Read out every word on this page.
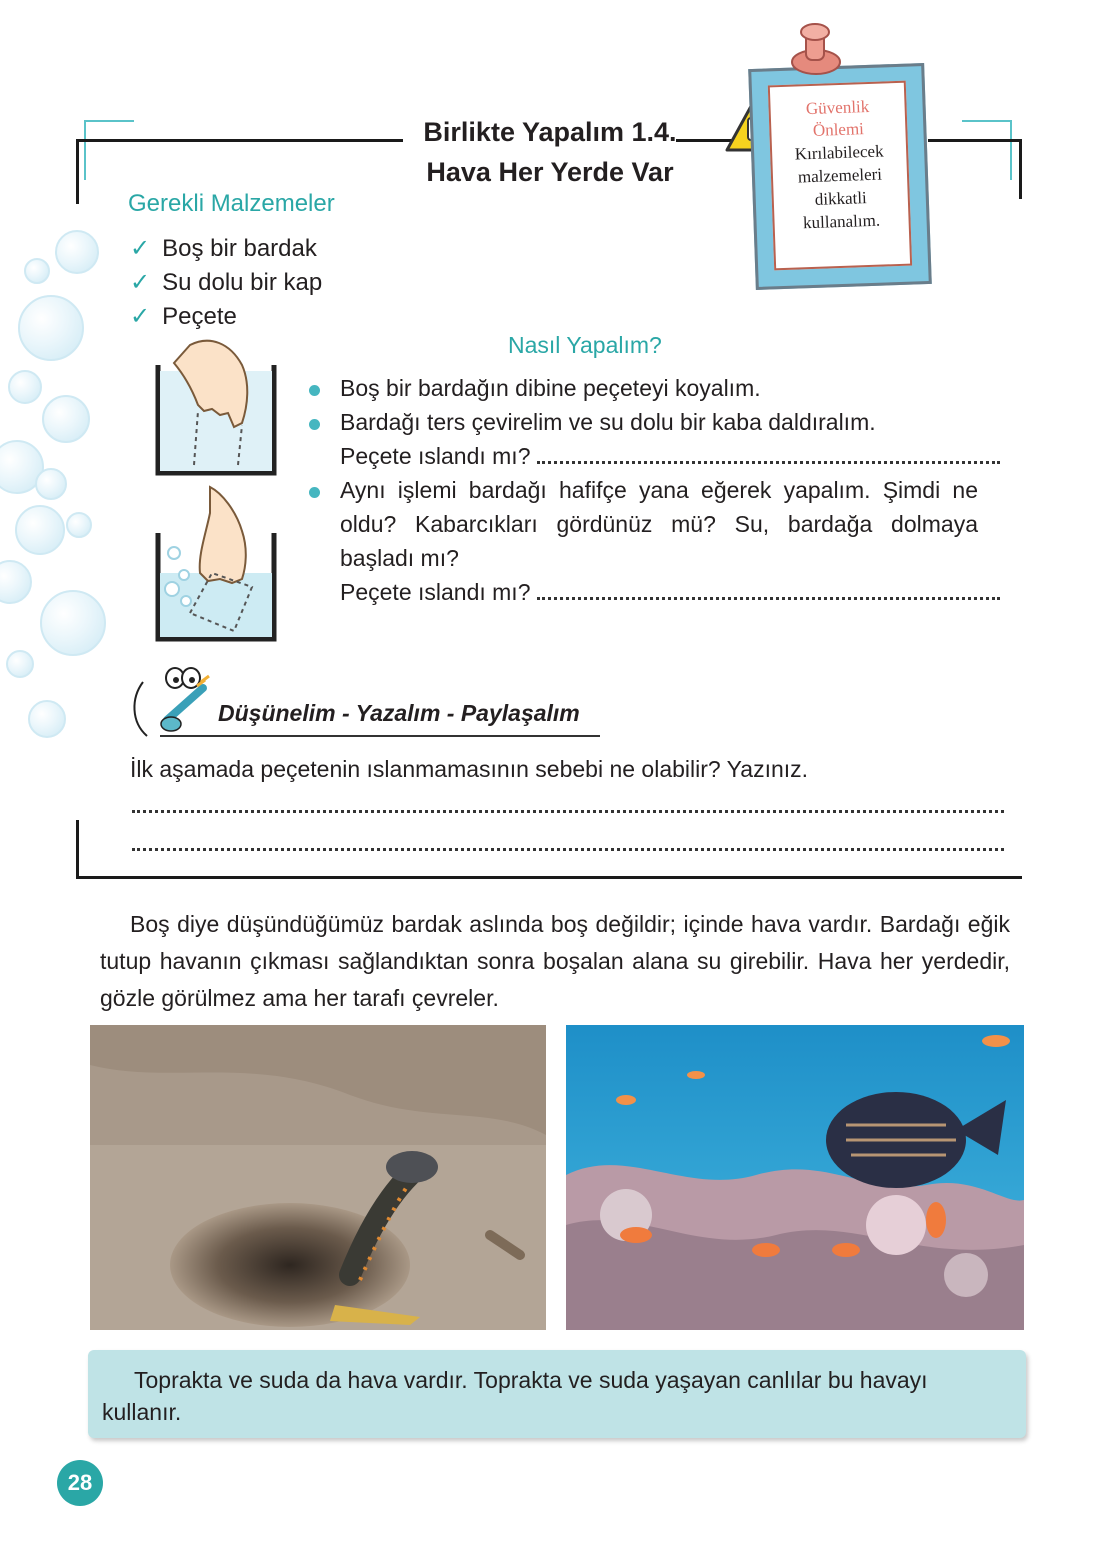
Birlikte Yapalım 1.4.
Hava Her Yerde Var
Güvenlik
Önlemi
Kırılabilecek
malzemeleri
dikkatli
kullanalım.
Gerekli Malzemeler
✓ Boş bir bardak
✓ Su dolu bir kap
✓ Peçete
Nasıl Yapalım?
Boş bir bardağın dibine peçeteyi koyalım.
Bardağı ters çevirelim ve su dolu bir kaba daldıralım.
Peçete ıslandı mı?
Aynı işlemi bardağı hafifçe yana eğerek yapalım. Şimdi ne oldu? Kabarcıkları gördünüz mü? Su, bardağa dolmaya başladı mı?
Peçete ıslandı mı?
Düşünelim - Yazalım - Paylaşalım
İlk aşamada peçetenin ıslanmamasının sebebi ne olabilir? Yazınız.
Boş diye düşündüğümüz bardak aslında boş değildir; içinde hava vardır. Bardağı eğik tutup havanın çıkması sağlandıktan sonra boşalan alana su girebilir. Hava her yerdedir, gözle görülmez ama her tarafı çevreler.
Toprakta ve suda da hava vardır. Toprakta ve suda yaşayan canlılar bu havayı kullanır.
28
